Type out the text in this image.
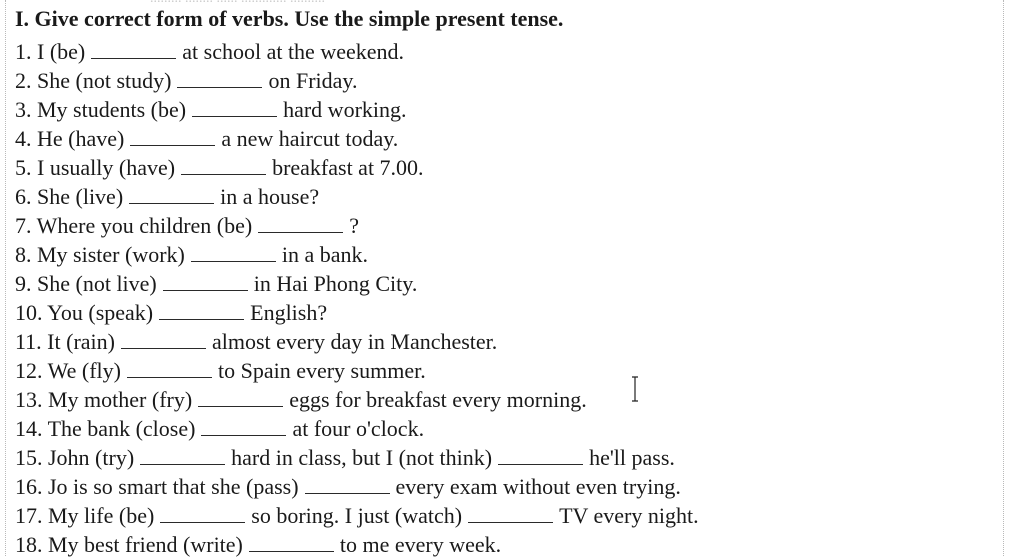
I. Give correct form of verbs. Use the simple present tense.
1. I (be)	at school at the weekend.
2. She (not study)	on Friday.
3. My students (be)	hard working.
4. He (have)	a new haircut today.
5. I usually (have)	breakfast at 7.00.
6. She (live)	in a house?
7. Where you children (be)	?
8. My sister (work)	in a bank.
9. She (not live)	in Hai Phong City.
10. You (speak)	English?
11. It (rain)	almost every day in Manchester.
12. We (fly)	to Spain every summer.
13. My mother (fry)	eggs for breakfast every morning.
14. The bank (close)	at four o'clock.
15. John (try)	hard in class, but I (not think)	he'll pass.
16. Jo is so smart that she (pass)	every exam without even trying.
17. My life (be)	so boring. I just (watch)	TV every night.
18. My best friend (write)	to me every week.
